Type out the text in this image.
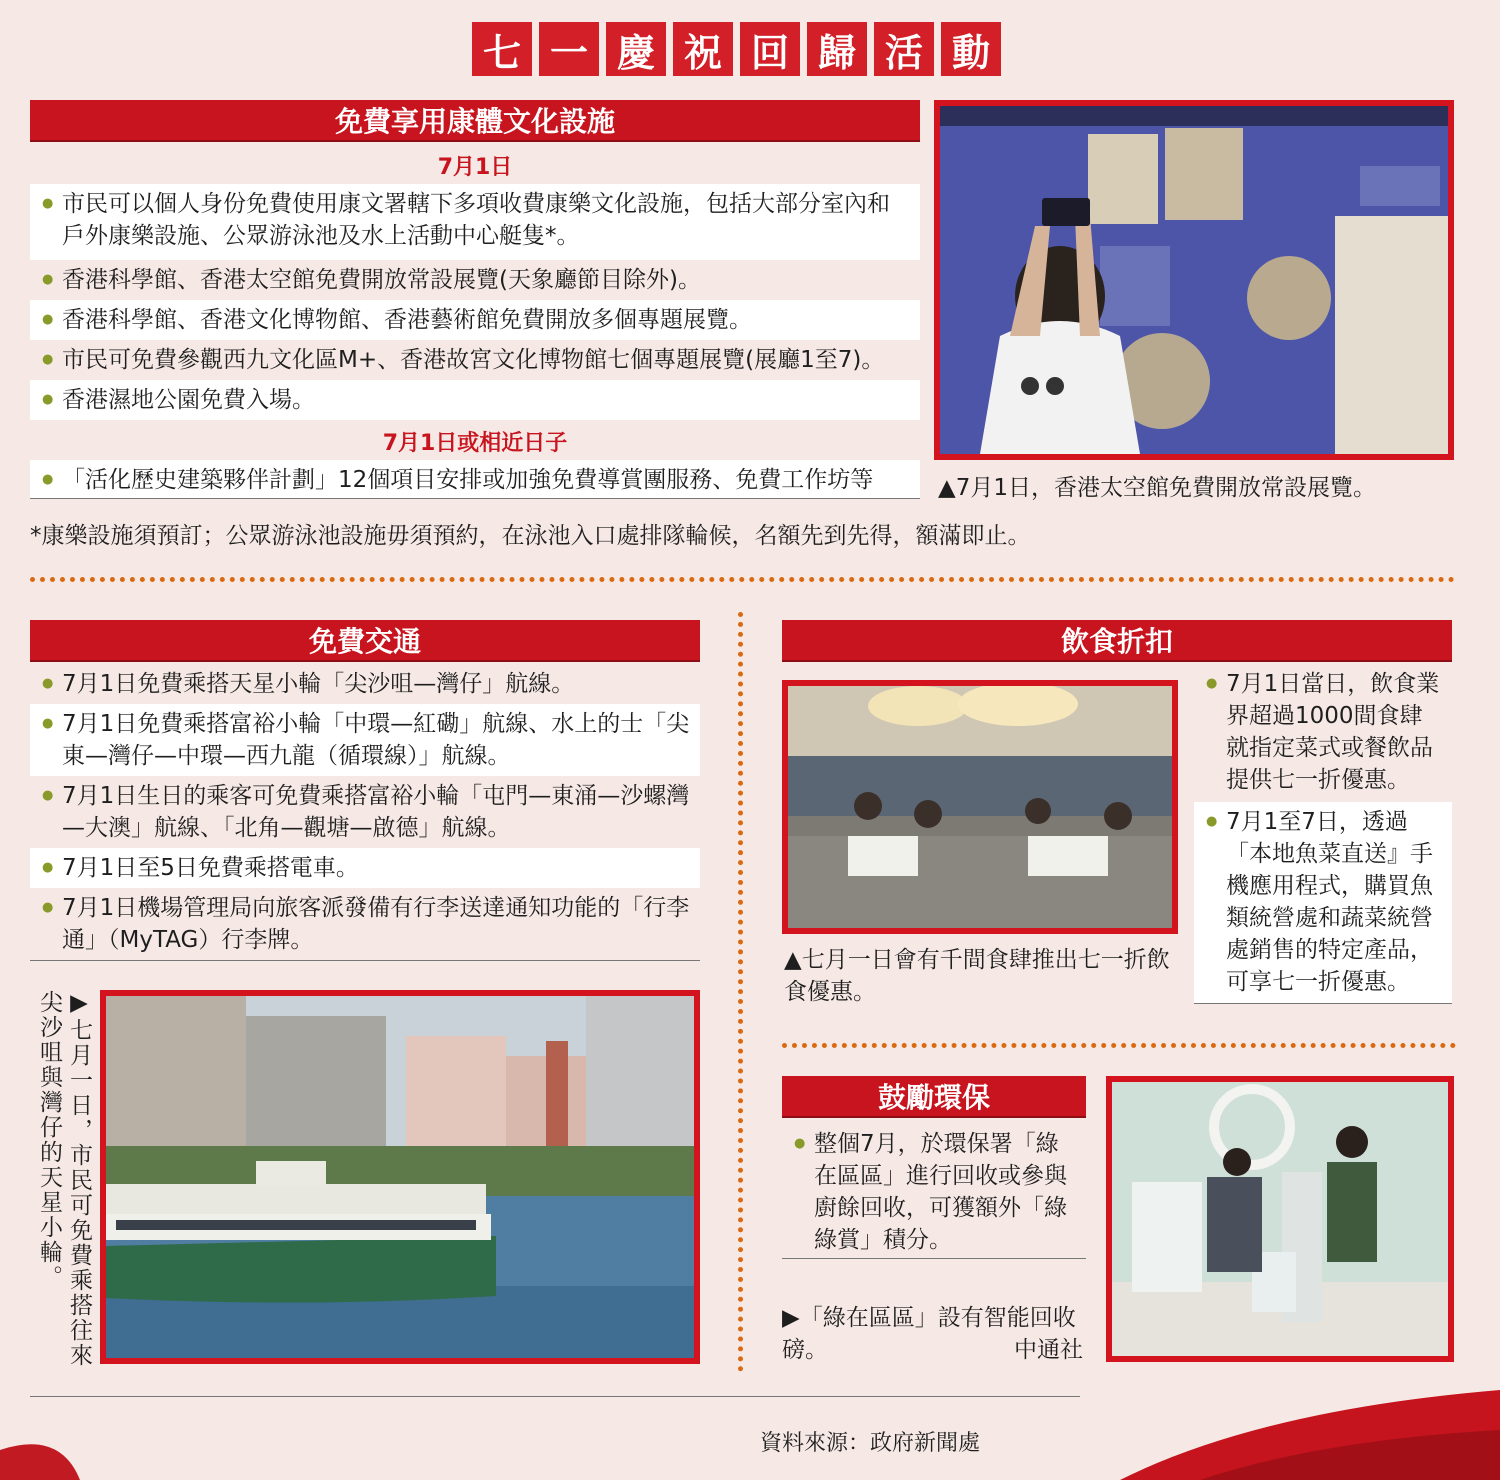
七 一 慶 祝 回 歸 活 動
免費享用康體文化設施
7月1日
● 市民可以個人身份免費使用康文署轄下多項收費康樂文化設施，包括大部分室內和戶外康樂設施、公眾游泳池及水上活動中心艇隻*。
● 香港科學館、香港太空館免費開放常設展覽(天象廳節目除外)。
● 香港科學館、香港文化博物館、香港藝術館免費開放多個專題展覽。
● 市民可免費參觀西九文化區M+、香港故宮文化博物館七個專題展覽(展廳1至7)。
● 香港濕地公園免費入場。
7月1日或相近日子
● 「活化歷史建築夥伴計劃」12個項目安排或加強免費導賞團服務、免費工作坊等	▲7月1日，香港太空館免費開放常設展覽。
*康樂設施須預訂；公眾游泳池設施毋須預約，在泳池入口處排隊輪候，名額先到先得，額滿即止。
免費交通
● 7月1日免費乘搭天星小輪「尖沙咀—灣仔」航線。
● 7月1日免費乘搭富裕小輪「中環—紅磡」航線、水上的士「尖東—灣仔—中環—西九龍（循環線）」航線。
● 7月1日生日的乘客可免費乘搭富裕小輪「屯門—東涌—沙螺灣—大澳」航線、「北角—觀塘—啟德」航線。
● 7月1日至5日免費乘搭電車。
● 7月1日機場管理局向旅客派發備有行李送達通知功能的「行李通」（MyTAG）行李牌。
▶七月一日，市民可免費乘搭往來尖沙咀與灣仔的天星小輪。
飲食折扣
▲七月一日會有千間食肆推出七一折飲食優惠。
● 7月1日當日，飲食業界超過1000間食肆就指定菜式或餐飲品提供七一折優惠。
● 7月1至7日，透過「本地魚菜直送』手機應用程式，購買魚類統營處和蔬菜統營處銷售的特定產品，可享七一折優惠。
鼓勵環保
● 整個7月，於環保署「綠在區區」進行回收或參與廚餘回收，可獲額外「綠綠賞」積分。
▶「綠在區區」設有智能回收磅。	中通社
資料來源：政府新聞處
